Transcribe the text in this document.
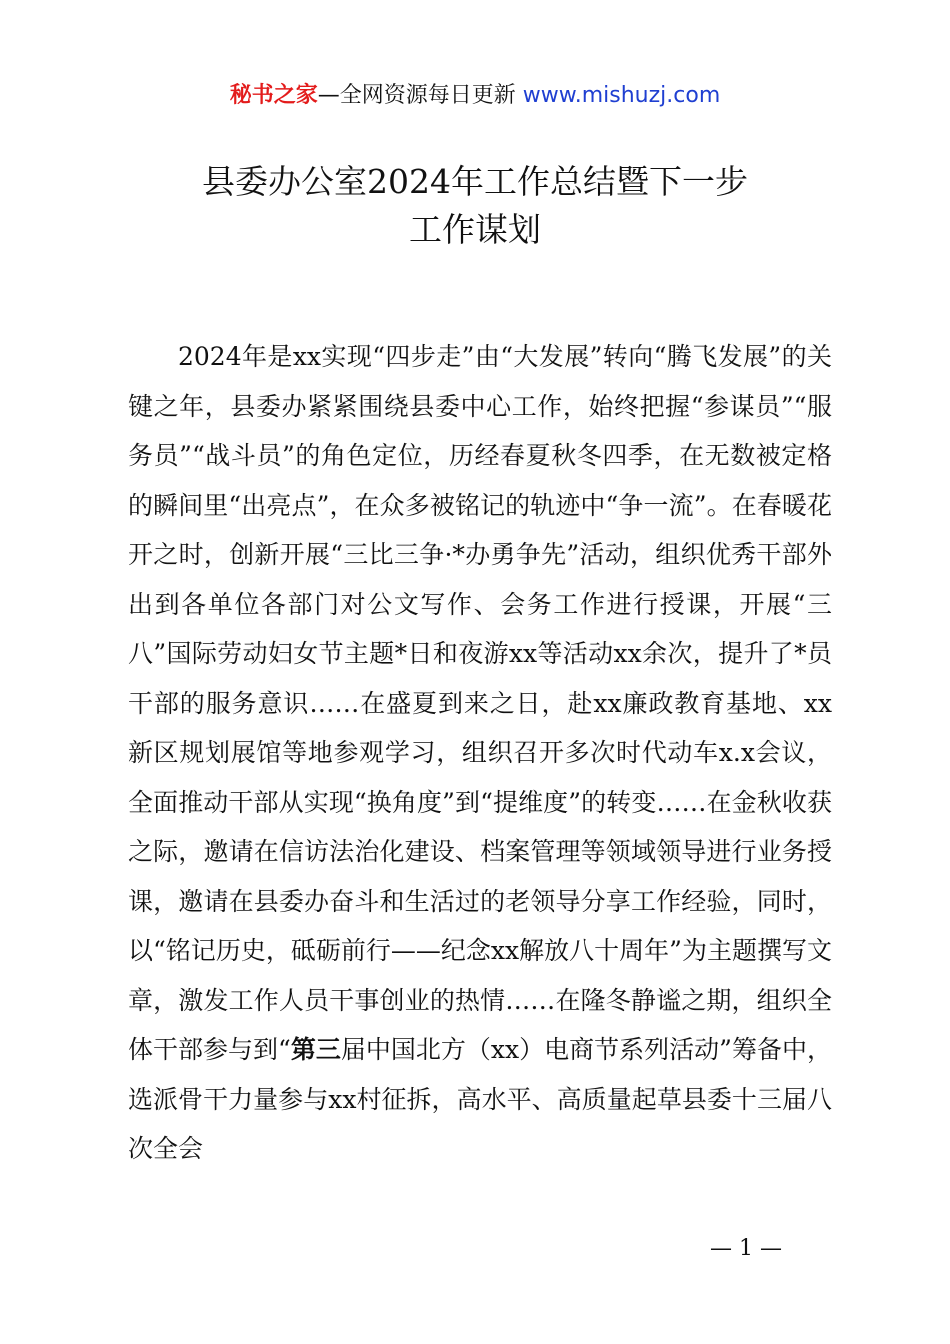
秘书之家—全网资源每日更新 www.mishuzj.com
县委办公室2024年工作总结暨下一步
工作谋划

2024年是xx实现“四步走”由“大发展”转向“腾飞发展”的关键之年，县委办紧紧围绕县委中心工作，始终把握“参谋员”“服务员”“战斗员”的角色定位，历经春夏秋冬四季，在无数被定格的瞬间里“出亮点”，在众多被铭记的轨迹中“争一流”。在春暖花开之时，创新开展“三比三争·*办勇争先”活动，组织优秀干部外出到各单位各部门对公文写作、会务工作进行授课，开展“三八”国际劳动妇女节主题*日和夜游xx等活动xx余次，提升了*员干部的服务意识……在盛夏到来之日，赴xx廉政教育基地、xx新区规划展馆等地参观学习，组织召开多次时代动车x.x会议，全面推动干部从实现“换角度”到“提维度”的转变……在金秋收获之际，邀请在信访法治化建设、档案管理等领域领导进行业务授课，邀请在县委办奋斗和生活过的老领导分享工作经验，同时，以“铭记历史，砥砺前行——纪念xx解放八十周年”为主题撰写文章，激发工作人员干事创业的热情……在隆冬静谧之期，组织全体干部参与到“第三届中国北方（xx）电商节系列活动”筹备中，选派骨干力量参与xx村征拆，高水平、高质量起草县委十三届八次全会

— 1 —
